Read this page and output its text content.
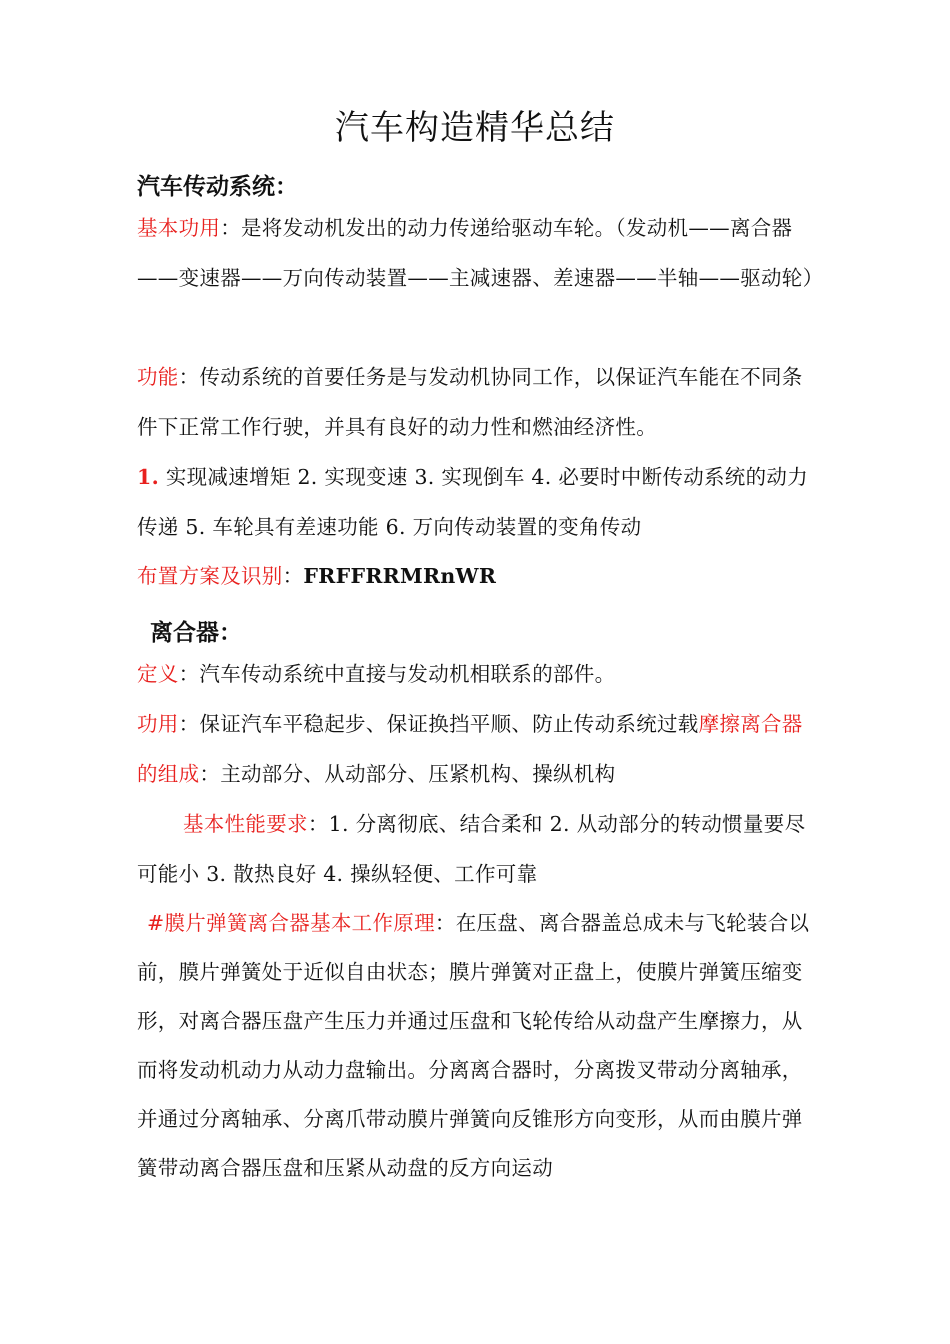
汽车构造精华总结
汽车传动系统：

基本功用：是将发动机发出的动力传递给驱动车轮。（发动机——离合器——变速器——万向传动装置——主减速器、差速器——半轴——驱动轮）

功能：传动系统的首要任务是与发动机协同工作，以保证汽车能在不同条件下正常工作行驶，并具有良好的动力性和燃油经济性。

1. 实现减速增矩 2. 实现变速 3. 实现倒车 4. 必要时中断传动系统的动力传递 5. 车轮具有差速功能 6. 万向传动装置的变角传动

布置方案及识别：FRFFRRMRnWR

离合器：

定义：汽车传动系统中直接与发动机相联系的部件。

功用：保证汽车平稳起步、保证换挡平顺、防止传动系统过载摩擦离合器的组成：主动部分、从动部分、压紧机构、操纵机构

基本性能要求：1. 分离彻底、结合柔和 2. 从动部分的转动惯量要尽可能小 3. 散热良好 4. 操纵轻便、工作可靠

#膜片弹簧离合器基本工作原理：在压盘、离合器盖总成未与飞轮装合以前，膜片弹簧处于近似自由状态；膜片弹簧对正盘上，使膜片弹簧压缩变形，对离合器压盘产生压力并通过压盘和飞轮传给从动盘产生摩擦力，从而将发动机动力从动力盘输出。分离离合器时，分离拨叉带动分离轴承，并通过分离轴承、分离爪带动膜片弹簧向反锥形方向变形，从而由膜片弹簧带动离合器压盘和压紧从动盘的反方向运动
